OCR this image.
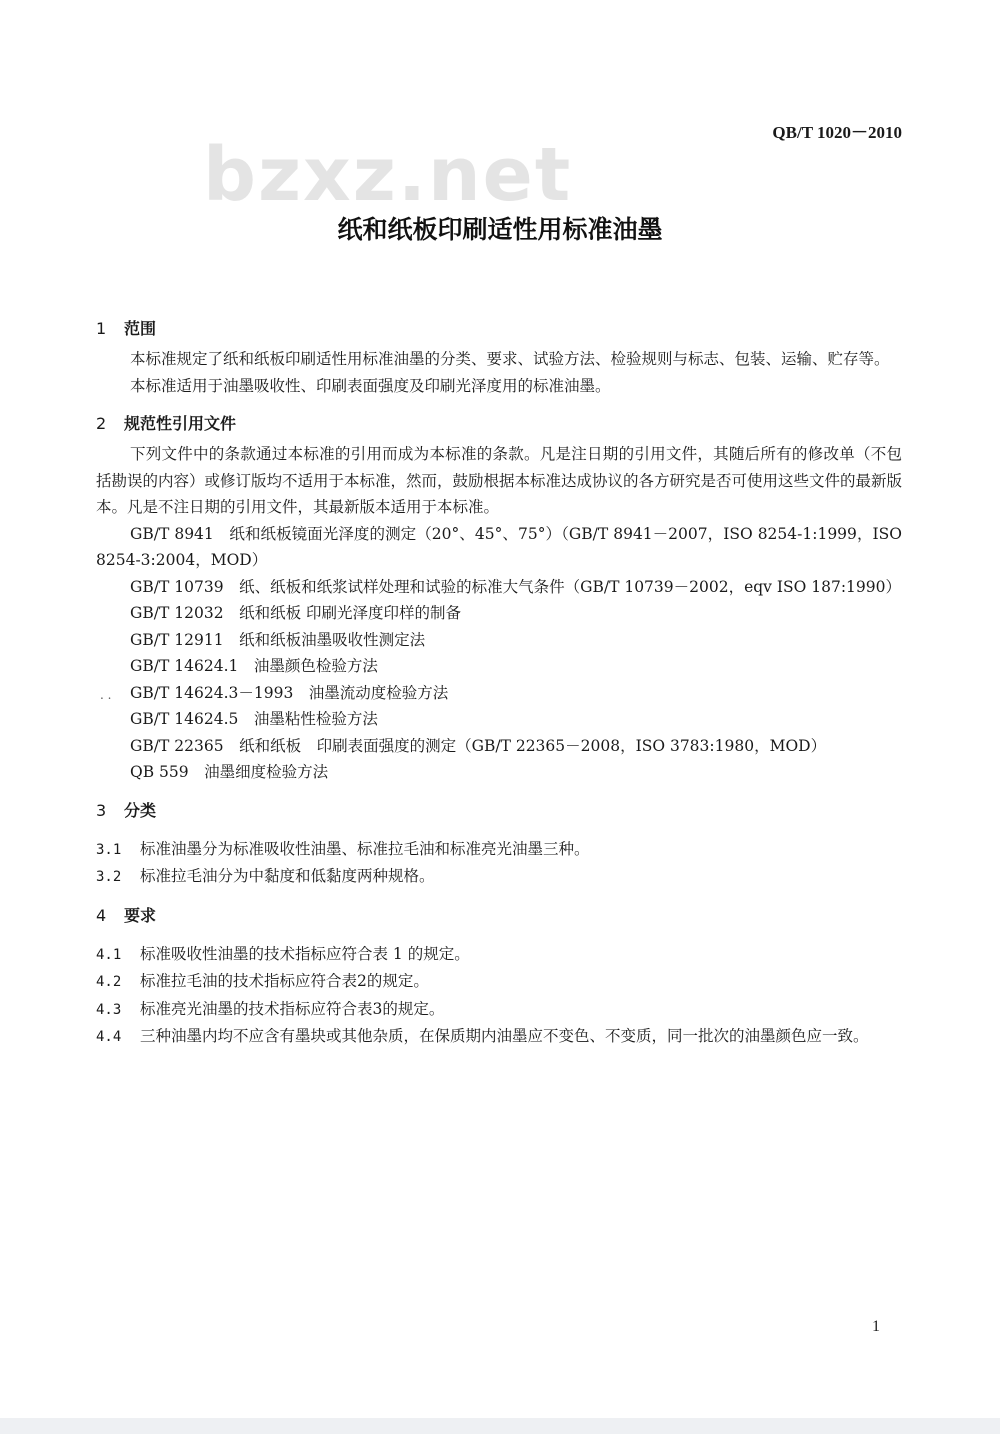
QB/T 1020－2010
bzxz.net
纸和纸板印刷适性用标准油墨
1 范围

本标准规定了纸和纸板印刷适性用标准油墨的分类、要求、试验方法、检验规则与标志、包装、运输、贮存等。

本标准适用于油墨吸收性、印刷表面强度及印刷光泽度用的标准油墨。

2 规范性引用文件

下列文件中的条款通过本标准的引用而成为本标准的条款。凡是注日期的引用文件，其随后所有的修改单（不包括勘误的内容）或修订版均不适用于本标准，然而，鼓励根据本标准达成协议的各方研究是否可使用这些文件的最新版本。凡是不注日期的引用文件，其最新版本适用于本标准。

GB/T 8941　纸和纸板镜面光泽度的测定（20°、45°、75°）（GB/T 8941－2007，ISO 8254-1:1999，ISO 8254-3:2004，MOD）

GB/T 10739　纸、纸板和纸浆试样处理和试验的标准大气条件（GB/T 10739－2002，eqv ISO 187:1990）

GB/T 12032　纸和纸板 印刷光泽度印样的制备

GB/T 12911　纸和纸板油墨吸收性测定法

GB/T 14624.1　油墨颜色检验方法

GB/T 14624.3－1993　油墨流动度检验方法

GB/T 14624.5　油墨粘性检验方法

GB/T 22365　纸和纸板　印刷表面强度的测定（GB/T 22365－2008，ISO 3783:1980，MOD）

QB 559　油墨细度检验方法

3 分类

3.1 标准油墨分为标准吸收性油墨、标准拉毛油和标准亮光油墨三种。

3.2 标准拉毛油分为中黏度和低黏度两种规格。

4 要求

4.1 标准吸收性油墨的技术指标应符合表 1 的规定。

4.2 标准拉毛油的技术指标应符合表2的规定。

4.3 标准亮光油墨的技术指标应符合表3的规定。

4.4 三种油墨内均不应含有墨块或其他杂质，在保质期内油墨应不变色、不变质，同一批次的油墨颜色应一致。

. .
1
